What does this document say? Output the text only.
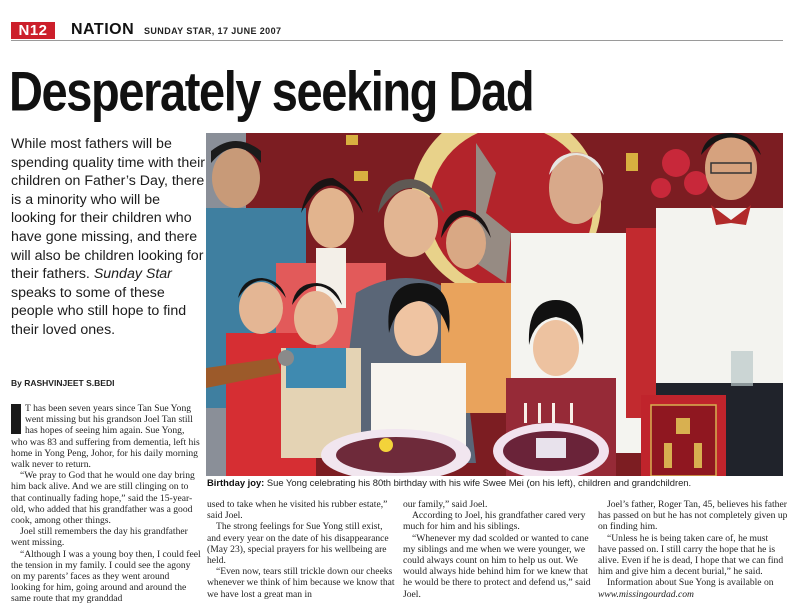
N12	NATION SUNDAY STAR, 17 JUNE 2007
Desperately seeking Dad
While most fathers will be spending quality time with their children on Father’s Day, there is a minority who will be looking for their children who have gone missing, and there will also be children looking for their fathers. Sunday Star speaks to some of these people who still hope to find their loved ones.
By RASHVINJEET S.BEDI
Birthday joy: Sue Yong celebrating his 80th birthday with his wife Swee Mei (on his left), children and grandchildren.

T has been seven years since Tan Sue Yong went missing but his grandson Joel Tan still has hopes of seeing him again. Sue Yong, who was 83 and suffering from dementia, left his home in Yong Peng, Johor, for his daily morning walk never to return.

“We pray to God that he would one day bring him back alive. And we are still clinging on to that continually fading hope,” said the 15-year-old, who added that his grandfather was a good cook, among other things.

Joel still remembers the day his grandfather went missing.

“Although I was a young boy then, I could feel the tension in my family. I could see the agony on my parents’ faces as they went around looking for him, going around and around the same route that my granddad

used to take when he visited his rubber estate,” said Joel.

The strong feelings for Sue Yong still exist, and every year on the date of his disappearance (May 23), special prayers for his wellbeing are held.

“Even now, tears still trickle down our cheeks whenever we think of him because we know that we have lost a great man in

our family,” said Joel.

According to Joel, his grandfather cared very much for him and his siblings.

“Whenever my dad scolded or wanted to cane my siblings and me when we were younger, we could always count on him to help us out. We would always hide behind him for we knew that he would be there to protect and defend us,” said Joel.

Joel’s father, Roger Tan, 45, believes his father has passed on but he has not completely given up on finding him.

“Unless he is being taken care of, he must have passed on. I still carry the hope that he is alive. Even if he is dead, I hope that we can find him and give him a decent burial,” he said.

Information about Sue Yong is available on www.missingourdad.com
